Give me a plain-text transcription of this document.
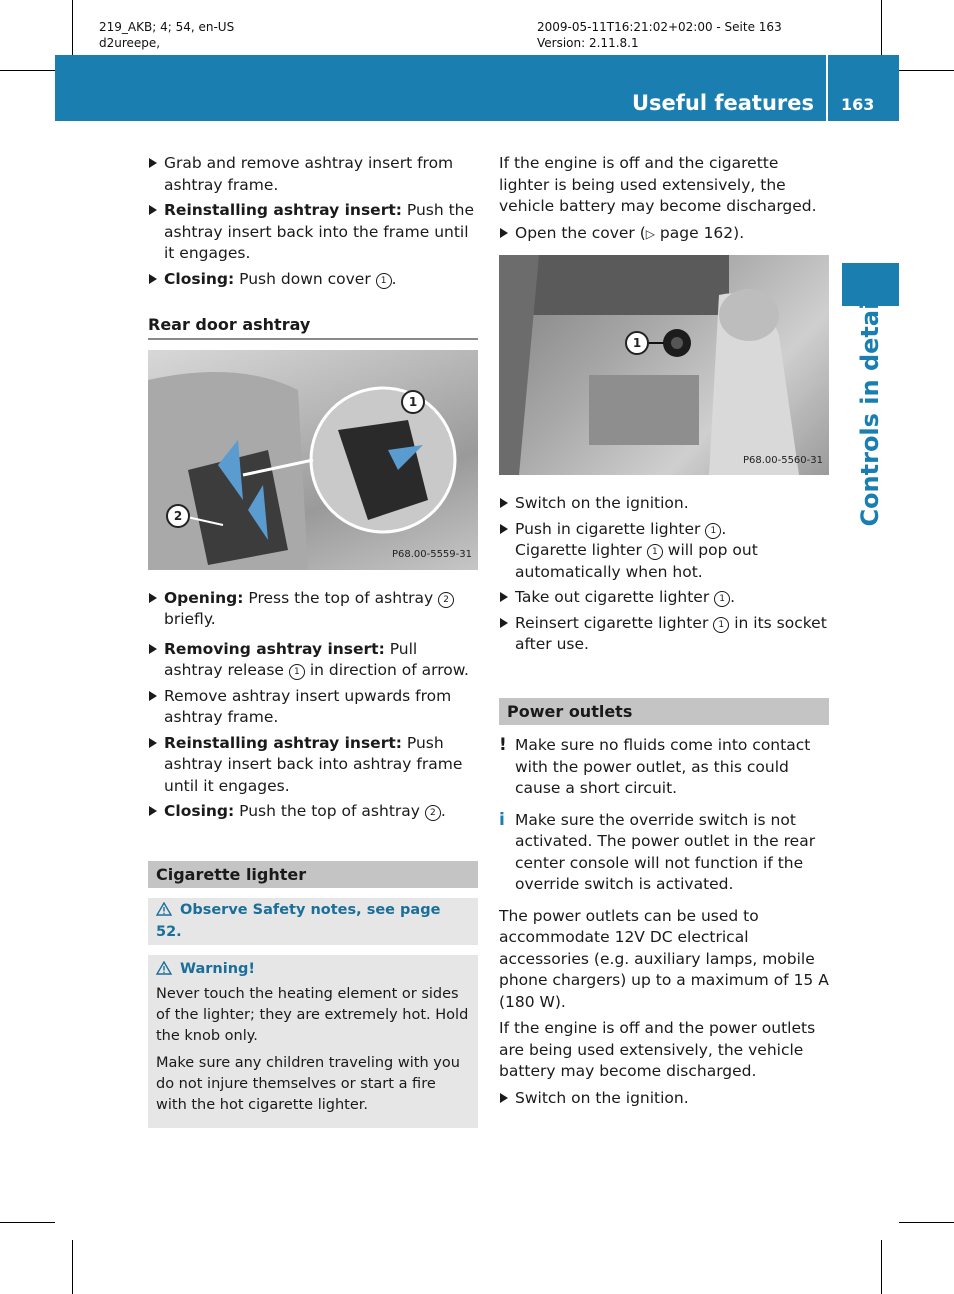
219_AKB; 4; 54, en-US
d2ureepe,
2009-05-11T16:21:02+02:00 - Seite 163
Version: 2.11.8.1
Useful features 163
Controls in detail
Grab and remove ashtray insert from ashtray frame.
Reinstalling ashtray insert: Push the ashtray insert back into the frame until it engages.
Closing: Push down cover 1 .
Rear door ashtray
1
2
P68.00-5559-31
Opening: Press the top of ashtray 2 briefly.
Removing ashtray insert: Pull ashtray release 1 in direction of arrow.
Remove ashtray insert upwards from ashtray frame.
Reinstalling ashtray insert: Push ashtray insert back into ashtray frame until it engages.
Closing: Push the top of ashtray 2 .
Cigarette lighter
Observe Safety notes, see page 52.
Warning!

Never touch the heating element or sides of the lighter; they are extremely hot. Hold the knob only.

Make sure any children traveling with you do not injure themselves or start a fire with the hot cigarette lighter.

If the engine is off and the cigarette lighter is being used extensively, the vehicle battery may become discharged.
Open the cover (▷ page 162).
1
P68.00-5560-31
Switch on the ignition.
Push in cigarette lighter 1 .
Cigarette lighter 1 will pop out automatically when hot.
Take out cigarette lighter 1 .
Reinsert cigarette lighter 1 in its socket after use.
Power outlets
! Make sure no fluids come into contact with the power outlet, as this could cause a short circuit.
i Make sure the override switch is not activated. The power outlet in the rear center console will not function if the override switch is activated.
The power outlets can be used to accommodate 12V DC electrical accessories (e.g. auxiliary lamps, mobile phone chargers) up to a maximum of 15 A (180 W).
If the engine is off and the power outlets are being used extensively, the vehicle battery may become discharged.
Switch on the ignition.
